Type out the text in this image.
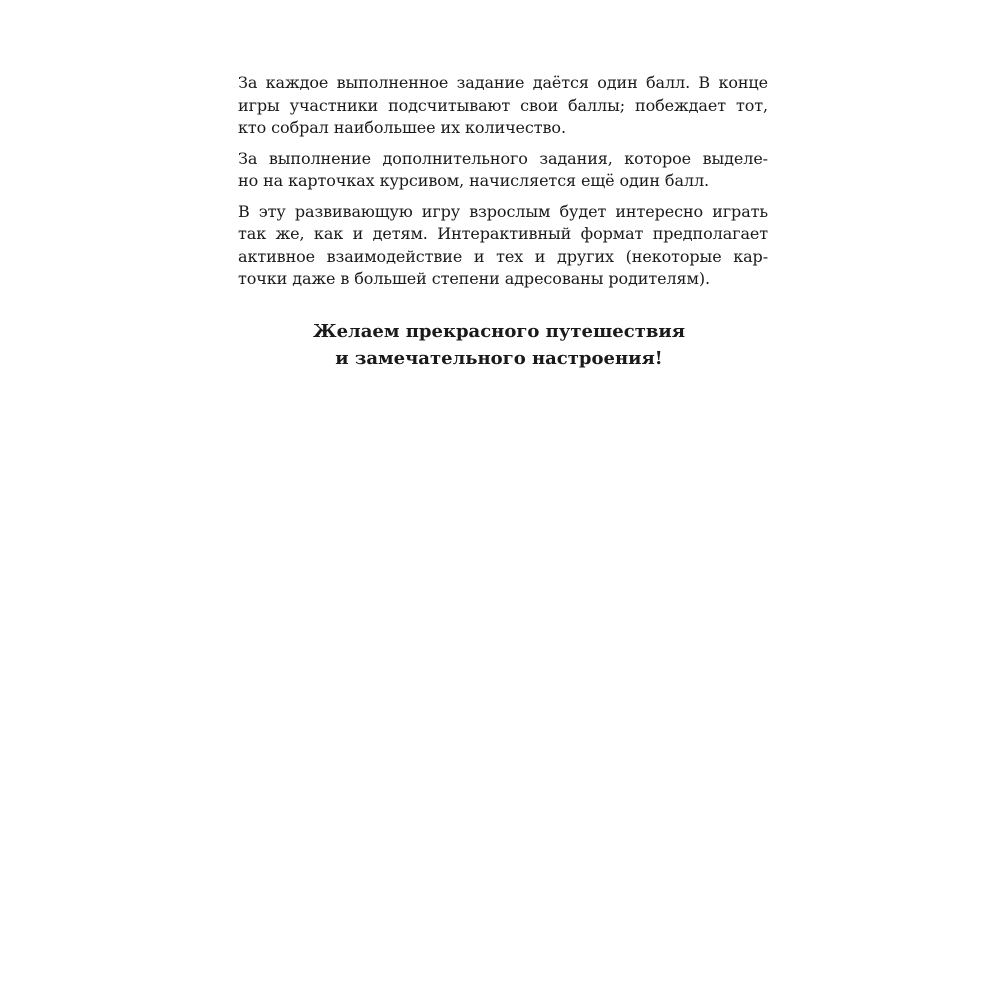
За каждое выполненное задание даётся один балл. В конце
игры участники подсчитывают свои баллы; побеждает тот,
кто собрал наибольшее их количество.

За выполнение дополнительного задания, которое выделе-
но на карточках курсивом, начисляется ещё один балл.

В эту развивающую игру взрослым будет интересно играть
так же, как и детям. Интерактивный формат предполагает
активное взаимодействие и тех и других (некоторые кар-
точки даже в большей степени адресованы родителям).

Желаем прекрасного путешествия
и замечательного настроения!
